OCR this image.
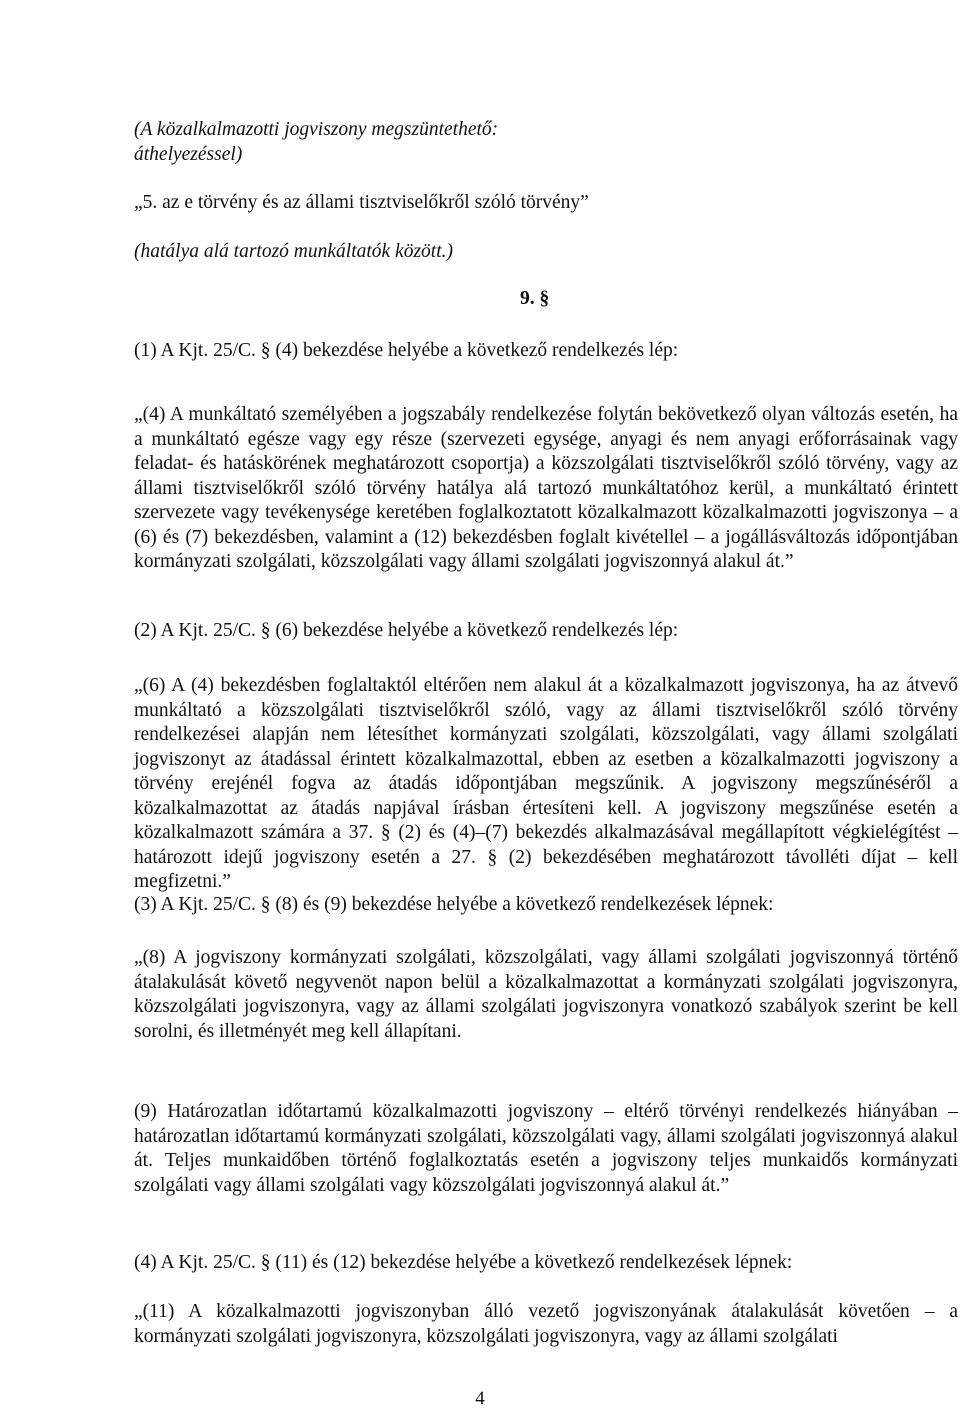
(A közalkalmazotti jogviszony megszüntethető: áthelyezéssel)

„5. az e törvény és az állami tisztviselőkről szóló törvény”

(hatálya alá tartozó munkáltatók között.)

9. §

(1) A Kjt. 25/C. § (4) bekezdése helyébe a következő rendelkezés lép:

„(4) A munkáltató személyében a jogszabály rendelkezése folytán bekövetkező olyan változás esetén, ha a munkáltató egésze vagy egy része (szervezeti egysége, anyagi és nem anyagi erőforrásainak vagy feladat- és hatáskörének meghatározott csoportja) a közszolgálati tisztviselőkről szóló törvény, vagy az állami tisztviselőkről szóló törvény hatálya alá tartozó munkáltatóhoz kerül, a munkáltató érintett szervezete vagy tevékenysége keretében foglalkoztatott közalkalmazott közalkalmazotti jogviszonya – a (6) és (7) bekezdésben, valamint a (12) bekezdésben foglalt kivétellel – a jogállásváltozás időpontjában kormányzati szolgálati, közszolgálati vagy állami szolgálati jogviszonnyá alakul át.”

(2) A Kjt. 25/C. § (6) bekezdése helyébe a következő rendelkezés lép:

„(6) A (4) bekezdésben foglaltaktól eltérően nem alakul át a közalkalmazott jogviszonya, ha az átvevő munkáltató a közszolgálati tisztviselőkről szóló, vagy az állami tisztviselőkről szóló törvény rendelkezései alapján nem létesíthet kormányzati szolgálati, közszolgálati, vagy állami szolgálati jogviszonyt az átadással érintett közalkalmazottal, ebben az esetben a közalkalmazotti jogviszony a törvény erejénél fogva az átadás időpontjában megszűnik. A jogviszony megszűnéséről a közalkalmazottat az átadás napjával írásban értesíteni kell. A jogviszony megszűnése esetén a közalkalmazott számára a 37. § (2) és (4)–(7) bekezdés alkalmazásával megállapított végkielégítést – határozott idejű jogviszony esetén a 27. § (2) bekezdésében meghatározott távolléti díjat – kell megfizetni.”

(3) A Kjt. 25/C. § (8) és (9) bekezdése helyébe a következő rendelkezések lépnek:

„(8) A jogviszony kormányzati szolgálati, közszolgálati, vagy állami szolgálati jogviszonnyá történő átalakulását követő negyvenöt napon belül a közalkalmazottat a kormányzati szolgálati jogviszonyra, közszolgálati jogviszonyra, vagy az állami szolgálati jogviszonyra vonatkozó szabályok szerint be kell sorolni, és illetményét meg kell állapítani.

(9) Határozatlan időtartamú közalkalmazotti jogviszony – eltérő törvényi rendelkezés hiányában – határozatlan időtartamú kormányzati szolgálati, közszolgálati vagy, állami szolgálati jogviszonnyá alakul át. Teljes munkaidőben történő foglalkoztatás esetén a jogviszony teljes munkaidős kormányzati szolgálati vagy állami szolgálati vagy közszolgálati jogviszonnyá alakul át.”

(4) A Kjt. 25/C. § (11) és (12) bekezdése helyébe a következő rendelkezések lépnek:

„(11) A közalkalmazotti jogviszonyban álló vezető jogviszonyának átalakulását követően – a kormányzati szolgálati jogviszonyra, közszolgálati jogviszonyra, vagy az állami szolgálati

4
